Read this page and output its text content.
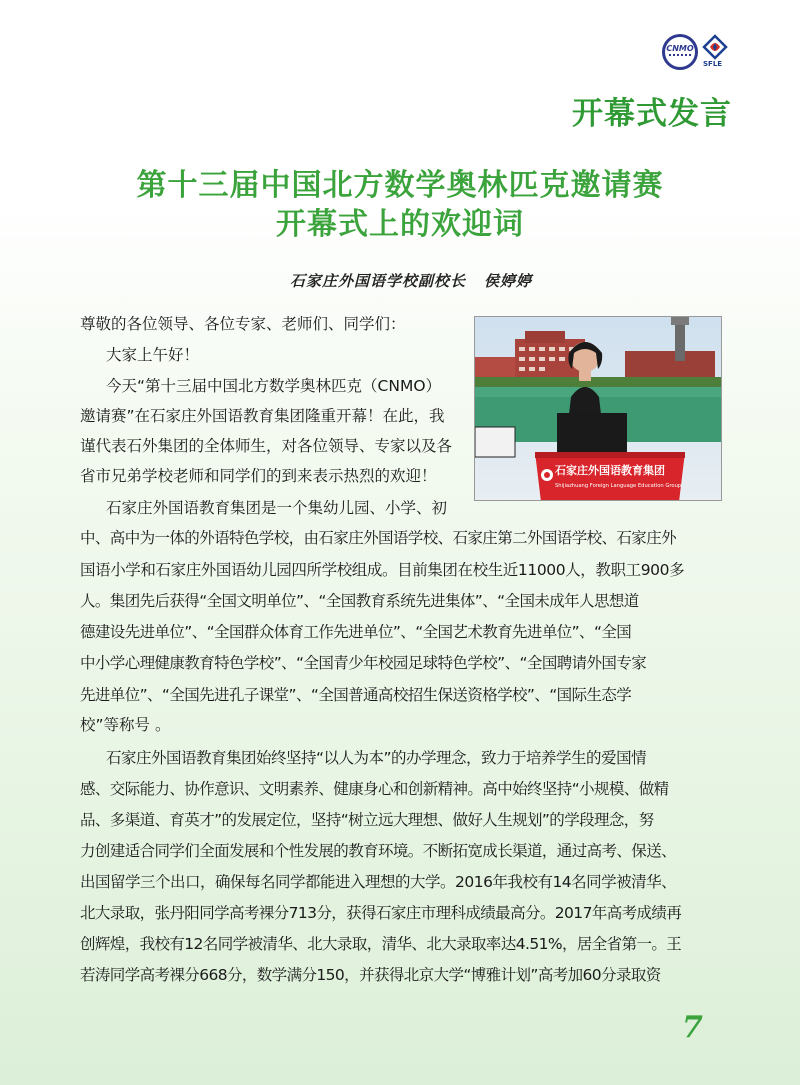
CNMO
SFLE
开幕式发言
第十三届中国北方数学奥林匹克邀请赛
开幕式上的欢迎词
石家庄外国语学校副校长 侯婷婷
尊敬的各位领导、各位专家、老师们、同学们：
大家上午好！
今天“第十三届中国北方数学奥林匹克（CNMO）
邀请赛”在石家庄外国语教育集团隆重开幕！在此，我
谨代表石外集团的全体师生，对各位领导、专家以及各
省市兄弟学校老师和同学们的到来表示热烈的欢迎！
石家庄外国语教育集团是一个集幼儿园、小学、初
中、高中为一体的外语特色学校，由石家庄外国语学校、石家庄第二外国语学校、石家庄外
国语小学和石家庄外国语幼儿园四所学校组成。目前集团在校生近11000人，教职工900多
人。集团先后获得“全国文明单位”、“全国教育系统先进集体”、“全国未成年人思想道
德建设先进单位”、“全国群众体育工作先进单位”、“全国艺术教育先进单位”、“全国
中小学心理健康教育特色学校”、“全国青少年校园足球特色学校”、“全国聘请外国专家
先进单位”、“全国先进孔子课堂”、“全国普通高校招生保送资格学校”、“国际生态学
校”等称号 。
石家庄外国语教育集团始终坚持“以人为本”的办学理念，致力于培养学生的爱国情
感、交际能力、协作意识、文明素养、健康身心和创新精神。高中始终坚持“小规模、做精
品、多渠道、育英才”的发展定位，坚持“树立远大理想、做好人生规划”的学段理念，努
力创建适合同学们全面发展和个性发展的教育环境。不断拓宽成长渠道，通过高考、保送、
出国留学三个出口，确保每名同学都能进入理想的大学。2016年我校有14名同学被清华、
北大录取，张丹阳同学高考裸分713分，获得石家庄市理科成绩最高分。2017年高考成绩再
创辉煌，我校有12名同学被清华、北大录取，清华、北大录取率达4.51%，居全省第一。王
若涛同学高考裸分668分，数学满分150，并获得北京大学“博雅计划”高考加60分录取资
石家庄外国语教育集团
Shijiazhuang Foreign Language Education Group
7
